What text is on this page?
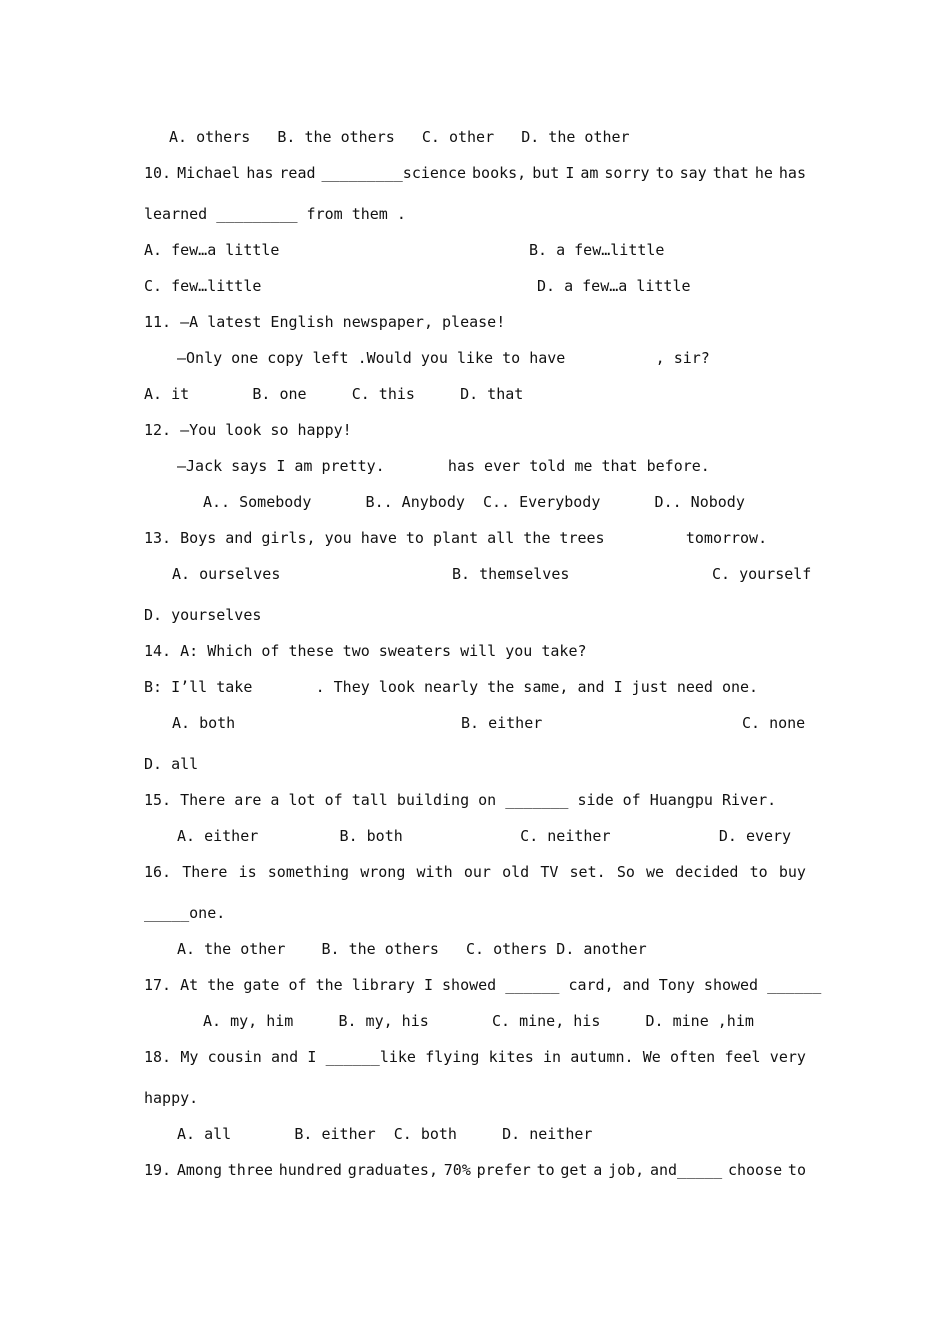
A. others   B. the others   C. other   D. the other
10. Michael has read _________science books, but I am sorry to say that he has
learned _________ from them .
A. few…a little	B. a few…little
C. few…little	D. a few…a little
11. —A latest English newspaper, please!
—Only one copy left .Would you like to have          , sir?
A. it       B. one     C. this     D. that
12. —You look so happy!
—Jack says I am pretty.       has ever told me that before.
A.. Somebody      B.. Anybody  C.. Everybody      D.. Nobody
13. Boys and girls, you have to plant all the trees         tomorrow.
A. ourselves	B. themselves	C. yourself
D. yourselves
14. A: Which of these two sweaters will you take?
B: I’ll take       . They look nearly the same, and I just need one.
A. both	B. either	C. none
D. all
15. There are a lot of tall building on _______ side of Huangpu River.
A. either         B. both             C. neither            D. every
16. There is something wrong with our old TV set. So we decided to buy
_____one.
A. the other    B. the others   C. others D. another
17. At the gate of the library I showed ______ card, and Tony showed ______
A. my, him     B. my, his       C. mine, his     D. mine ,him
18. My cousin and I ______like flying kites in autumn. We often feel very
happy.
A. all       B. either  C. both     D. neither
19. Among three hundred graduates, 70% prefer to get a job, and_____ choose to
